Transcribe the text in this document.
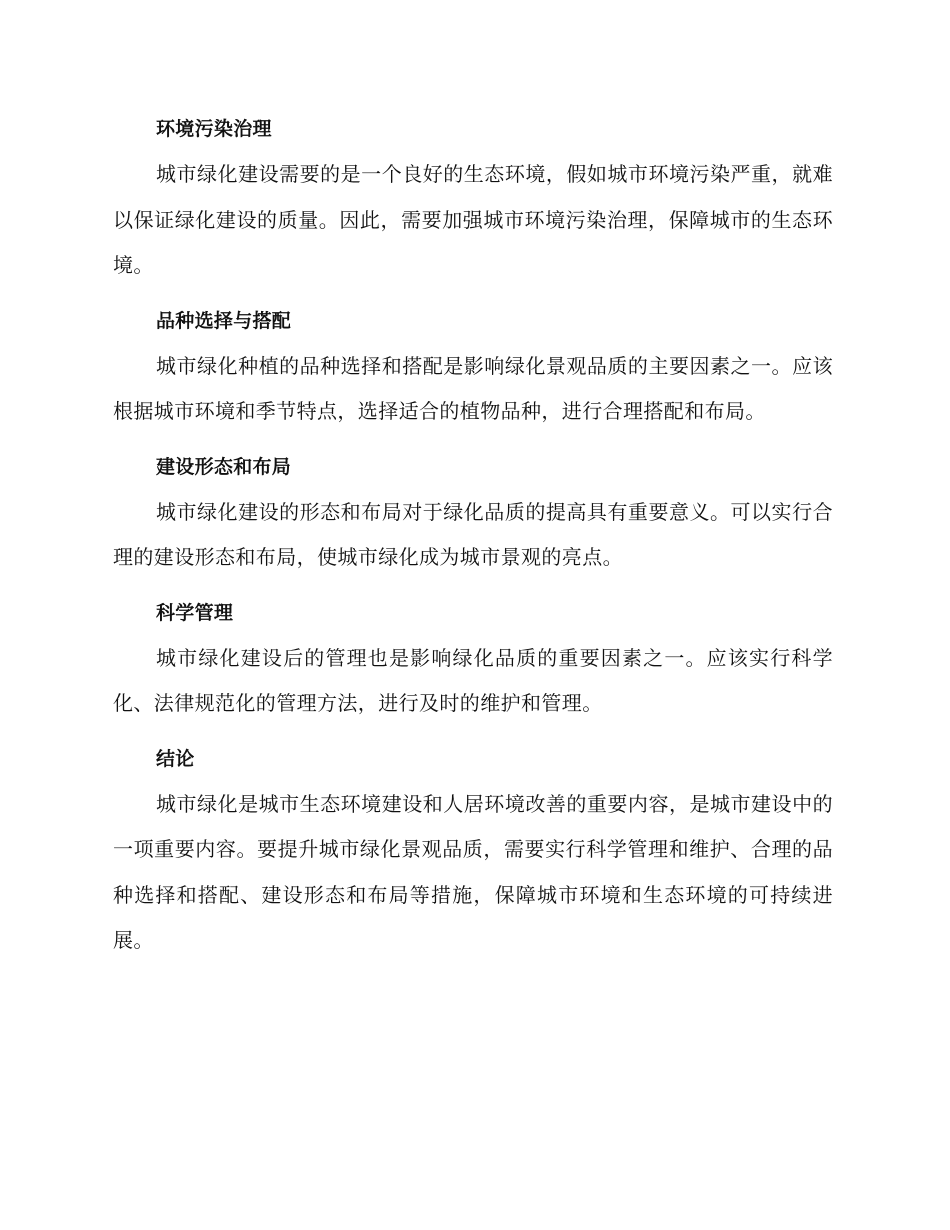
环境污染治理

城市绿化建设需要的是一个良好的生态环境，假如城市环境污染严重，就难以保证绿化建设的质量。因此，需要加强城市环境污染治理，保障城市的生态环境。

品种选择与搭配

城市绿化种植的品种选择和搭配是影响绿化景观品质的主要因素之一。应该根据城市环境和季节特点，选择适合的植物品种，进行合理搭配和布局。

建设形态和布局

城市绿化建设的形态和布局对于绿化品质的提高具有重要意义。可以实行合理的建设形态和布局，使城市绿化成为城市景观的亮点。

科学管理

城市绿化建设后的管理也是影响绿化品质的重要因素之一。应该实行科学化、法律规范化的管理方法，进行及时的维护和管理。

结论

城市绿化是城市生态环境建设和人居环境改善的重要内容，是城市建设中的一项重要内容。要提升城市绿化景观品质，需要实行科学管理和维护、合理的品种选择和搭配、建设形态和布局等措施，保障城市环境和生态环境的可持续进展。
